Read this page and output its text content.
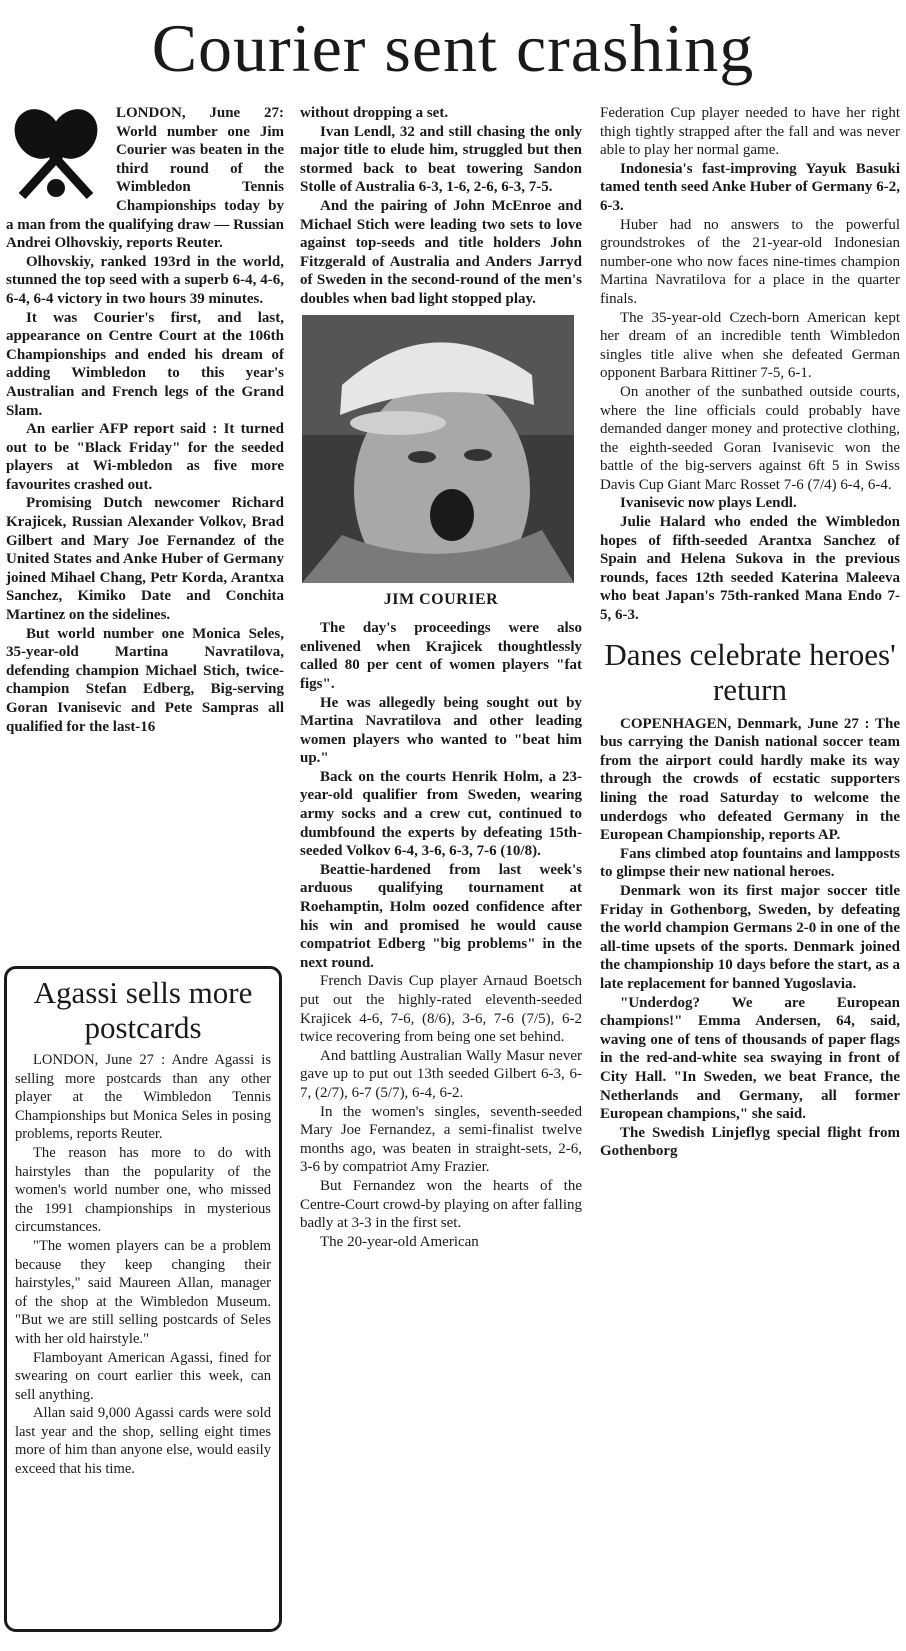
Courier sent crashing

LONDON, June 27: World number one Jim Courier was beaten in the third round of the Wimbledon Tennis Championships today by a man from the qualifying draw — Russian Andrei Olhovskiy, reports Reuter.

Olhovskiy, ranked 193rd in the world, stunned the top seed with a superb 6-4, 4-6, 6-4, 6-4 victory in two hours 39 minutes.

It was Courier's first, and last, appearance on Centre Court at the 106th Championships and ended his dream of adding Wimbledon to this year's Australian and French legs of the Grand Slam.

An earlier AFP report said : It turned out to be "Black Friday" for the seeded players at Wi-mbledon as five more favourites crashed out.

Promising Dutch newcomer Richard Krajicek, Russian Alexander Volkov, Brad Gilbert and Mary Joe Fernandez of the United States and Anke Huber of Germany joined Mihael Chang, Petr Korda, Arantxa Sanchez, Kimiko Date and Conchita Martinez on the sidelines.

But world number one Monica Seles, 35-year-old Martina Navratilova, defending champion Michael Stich, twice-champion Stefan Edberg, Big-serving Goran Ivanisevic and Pete Sampras all qualified for the last-16

Agassi sells more postcards

LONDON, June 27 : Andre Agassi is selling more postcards than any other player at the Wimbledon Tennis Championships but Monica Seles in posing problems, reports Reuter.

The reason has more to do with hairstyles than the popularity of the women's world number one, who missed the 1991 championships in mysterious circumstances.

"The women players can be a problem because they keep changing their hairstyles," said Maureen Allan, manager of the shop at the Wimbledon Museum. "But we are still selling postcards of Seles with her old hairstyle."

Flamboyant American Agassi, fined for swearing on court earlier this week, can sell anything.

Allan said 9,000 Agassi cards were sold last year and the shop, selling eight times more of him than anyone else, would easily exceed that his time.

without dropping a set.

Ivan Lendl, 32 and still chasing the only major title to elude him, struggled but then stormed back to beat towering Sandon Stolle of Australia 6-3, 1-6, 2-6, 6-3, 7-5.

And the pairing of John McEnroe and Michael Stich were leading two sets to love against top-seeds and title holders John Fitzgerald of Australia and Anders Jarryd of Sweden in the second-round of the men's doubles when bad light stopped play.

JIM COURIER

The day's proceedings were also enlivened when Krajicek thoughtlessly called 80 per cent of women players "fat figs".

He was allegedly being sought out by Martina Navratilova and other leading women players who wanted to "beat him up."

Back on the courts Henrik Holm, a 23-year-old qualifier from Sweden, wearing army socks and a crew cut, continued to dumbfound the experts by defeating 15th-seeded Volkov 6-4, 3-6, 6-3, 7-6 (10/8).

Beattie-hardened from last week's arduous qualifying tournament at Roehamptin, Holm oozed confidence after his win and promised he would cause compatriot Edberg "big problems" in the next round.

French Davis Cup player Arnaud Boetsch put out the highly-rated eleventh-seeded Krajicek 4-6, 7-6, (8/6), 3-6, 7-6 (7/5), 6-2 twice recovering from being one set behind.

And battling Australian Wally Masur never gave up to put out 13th seeded Gilbert 6-3, 6-7, (2/7), 6-7 (5/7), 6-4, 6-2.

In the women's singles, seventh-seeded Mary Joe Fernandez, a semi-finalist twelve months ago, was beaten in straight-sets, 2-6, 3-6 by compatriot Amy Frazier.

But Fernandez won the hearts of the Centre-Court crowd-by playing on after falling badly at 3-3 in the first set.

The 20-year-old American

Federation Cup player needed to have her right thigh tightly strapped after the fall and was never able to play her normal game.

Indonesia's fast-improving Yayuk Basuki tamed tenth seed Anke Huber of Germany 6-2, 6-3.

Huber had no answers to the powerful groundstrokes of the 21-year-old Indonesian number-one who now faces nine-times champion Martina Navratilova for a place in the quarter finals.

The 35-year-old Czech-born American kept her dream of an incredible tenth Wimbledon singles title alive when she defeated German opponent Barbara Rittiner 7-5, 6-1.

On another of the sunbathed outside courts, where the line officials could probably have demanded danger money and protective clothing, the eighth-seeded Goran Ivanisevic won the battle of the big-servers against 6ft 5 in Swiss Davis Cup Giant Marc Rosset 7-6 (7/4) 6-4, 6-4.

Ivanisevic now plays Lendl.

Julie Halard who ended the Wimbledon hopes of fifth-seeded Arantxa Sanchez of Spain and Helena Sukova in the previous rounds, faces 12th seeded Katerina Maleeva who beat Japan's 75th-ranked Mana Endo 7-5, 6-3.

Danes celebrate heroes' return

COPENHAGEN, Denmark, June 27 : The bus carrying the Danish national soccer team from the airport could hardly make its way through the crowds of ecstatic supporters lining the road Saturday to welcome the underdogs who defeated Germany in the European Championship, reports AP.

Fans climbed atop fountains and lampposts to glimpse their new national heroes.

Denmark won its first major soccer title Friday in Gothenborg, Sweden, by defeating the world champion Germans 2-0 in one of the all-time upsets of the sports. Denmark joined the championship 10 days before the start, as a late replacement for banned Yugoslavia.

"Underdog? We are European champions!" Emma Andersen, 64, said, waving one of tens of thousands of paper flags in the red-and-white sea swaying in front of City Hall. "In Sweden, we beat France, the Netherlands and Germany, all former European champions," she said.

The Swedish Linjeflyg special flight from Gothenborg
